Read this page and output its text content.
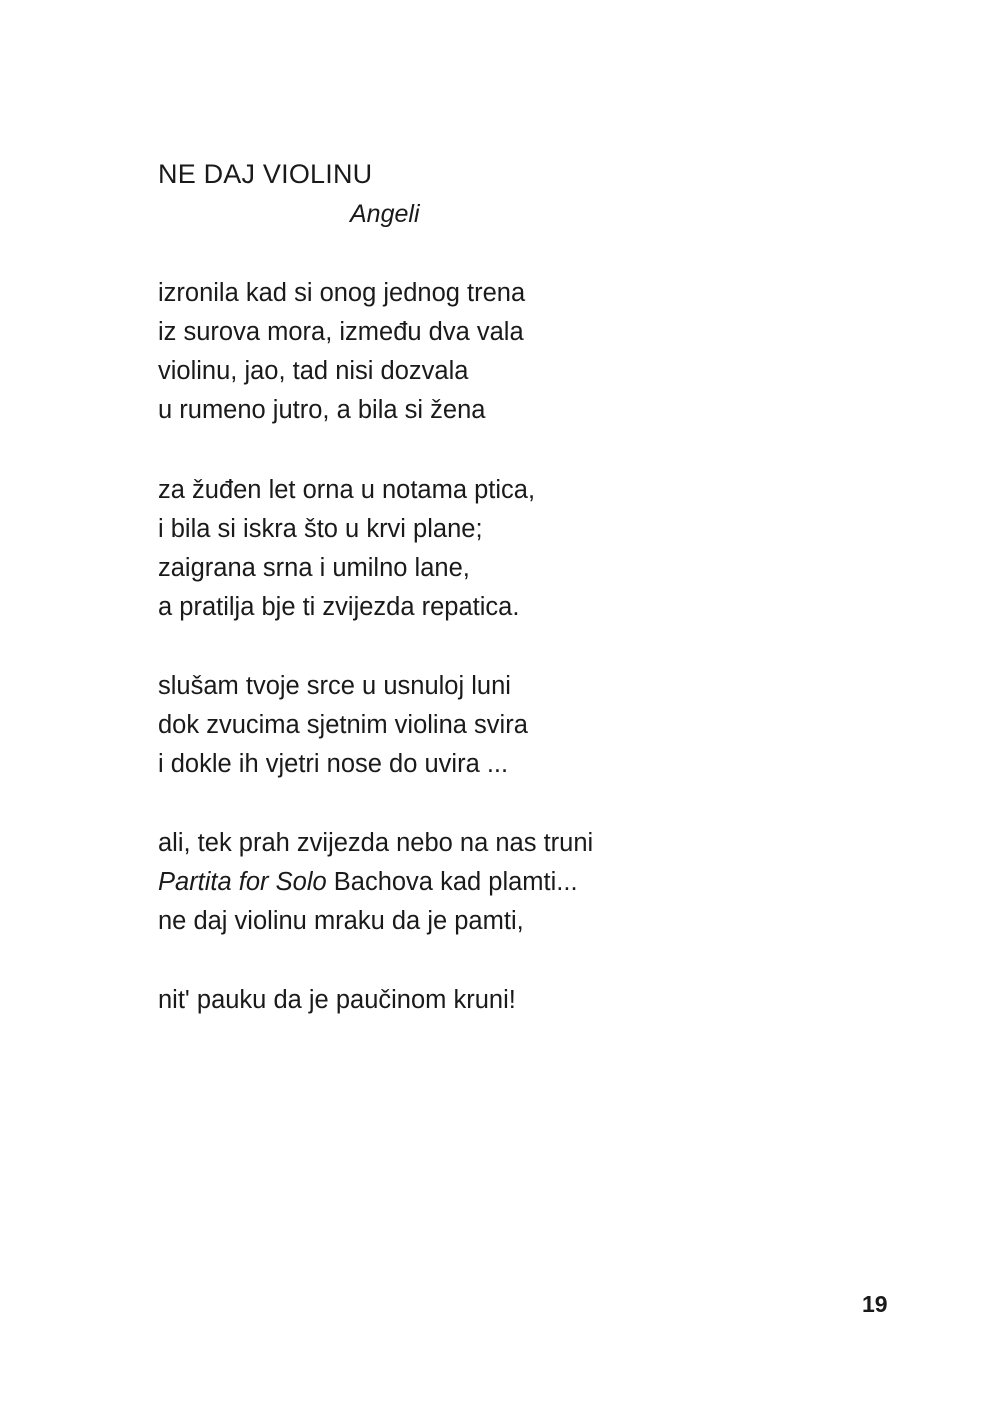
NE DAJ VIOLINU
Angeli
izronila kad si onog jednog trena
iz surova mora, između dva vala
violinu, jao, tad nisi dozvala
u rumeno jutro, a bila si žena
za žuđen let orna u notama ptica,
i bila si iskra što u krvi plane;
zaigrana srna i umilno lane,
a pratilja bje ti zvijezda repatica.
slušam tvoje srce u usnuloj luni
dok zvucima sjetnim violina svira
i dokle ih vjetri nose do uvira ...
ali, tek prah zvijezda nebo na nas truni
Partita for Solo Bachova kad plamti...
ne daj violinu mraku da je pamti,
nit' pauku da je paučinom kruni!
19
